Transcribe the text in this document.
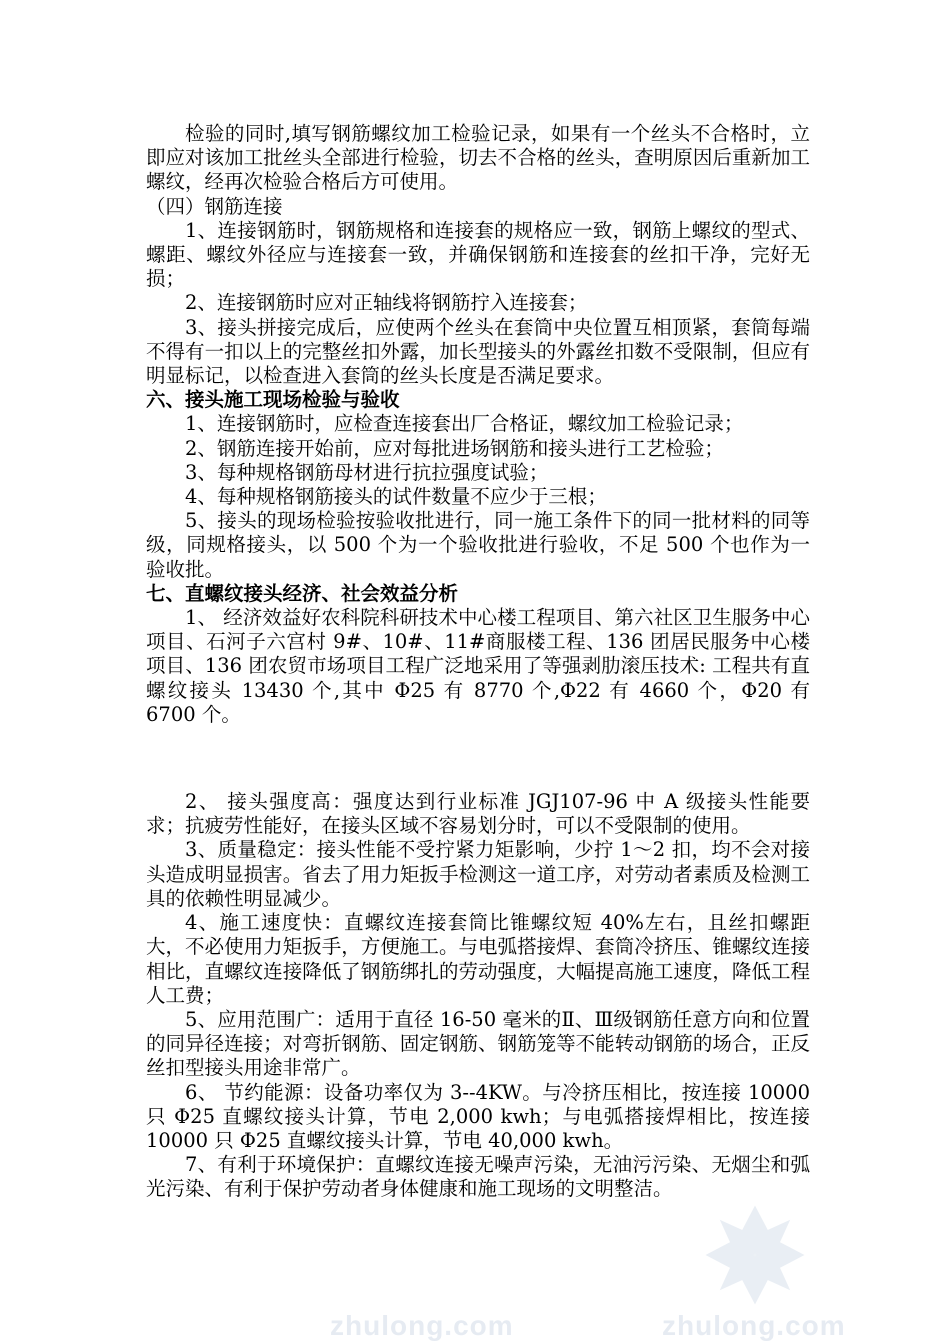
检验的同时,填写钢筋螺纹加工检验记录，如果有一个丝头不合格时，立即应对该加工批丝头全部进行检验，切去不合格的丝头，查明原因后重新加工螺纹，经再次检验合格后方可使用。

（四）钢筋连接

1、连接钢筋时，钢筋规格和连接套的规格应一致，钢筋上螺纹的型式、螺距、螺纹外径应与连接套一致，并确保钢筋和连接套的丝扣干净，完好无损；

2、连接钢筋时应对正轴线将钢筋拧入连接套；

3、接头拼接完成后，应使两个丝头在套筒中央位置互相顶紧，套筒每端不得有一扣以上的完整丝扣外露，加长型接头的外露丝扣数不受限制，但应有明显标记，以检查进入套筒的丝头长度是否满足要求。

六、接头施工现场检验与验收

1、连接钢筋时，应检查连接套出厂合格证，螺纹加工检验记录；

2、钢筋连接开始前，应对每批进场钢筋和接头进行工艺检验；

3、每种规格钢筋母材进行抗拉强度试验；

4、每种规格钢筋接头的试件数量不应少于三根；

5、接头的现场检验按验收批进行，同一施工条件下的同一批材料的同等级，同规格接头，以 500 个为一个验收批进行验收，不足 500 个也作为一验收批。

七、直螺纹接头经济、社会效益分析

1、 经济效益好农科院科研技术中心楼工程项目、第六社区卫生服务中心项目、石河子六宫村 9#、10#、11#商服楼工程、136 团居民服务中心楼项目、136 团农贸市场项目工程广泛地采用了等强剥肋滚压技术: 工程共有直螺纹接头 13430 个,其中 Φ25 有 8770 个,Φ22 有 4660 个，Φ20 有 6700 个。

2、 接头强度高：强度达到行业标准 JGJ107-96 中 A 级接头性能要求；抗疲劳性能好，在接头区域不容易划分时，可以不受限制的使用。

3、质量稳定：接头性能不受拧紧力矩影响，少拧 1～2 扣，均不会对接头造成明显损害。省去了用力矩扳手检测这一道工序，对劳动者素质及检测工具的依赖性明显减少。

4、施工速度快：直螺纹连接套筒比锥螺纹短 40%左右，且丝扣螺距大，不必使用力矩扳手，方便施工。与电弧搭接焊、套筒冷挤压、锥螺纹连接相比，直螺纹连接降低了钢筋绑扎的劳动强度，大幅提高施工速度，降低工程人工费；

5、应用范围广：适用于直径 16-50 毫米的Ⅱ、Ⅲ级钢筋任意方向和位置的同异径连接；对弯折钢筋、固定钢筋、钢筋笼等不能转动钢筋的场合，正反丝扣型接头用途非常广。

6、 节约能源：设备功率仅为 3--4KW。与冷挤压相比，按连接 10000 只 Φ25 直螺纹接头计算，节电 2,000 kwh；与电弧搭接焊相比，按连接 10000 只 Φ25 直螺纹接头计算，节电 40,000 kwh。

7、有利于环境保护：直螺纹连接无噪声污染，无油污污染、无烟尘和弧光污染、有利于保护劳动者身体健康和施工现场的文明整洁。

zhulong.com	zhulong.com
